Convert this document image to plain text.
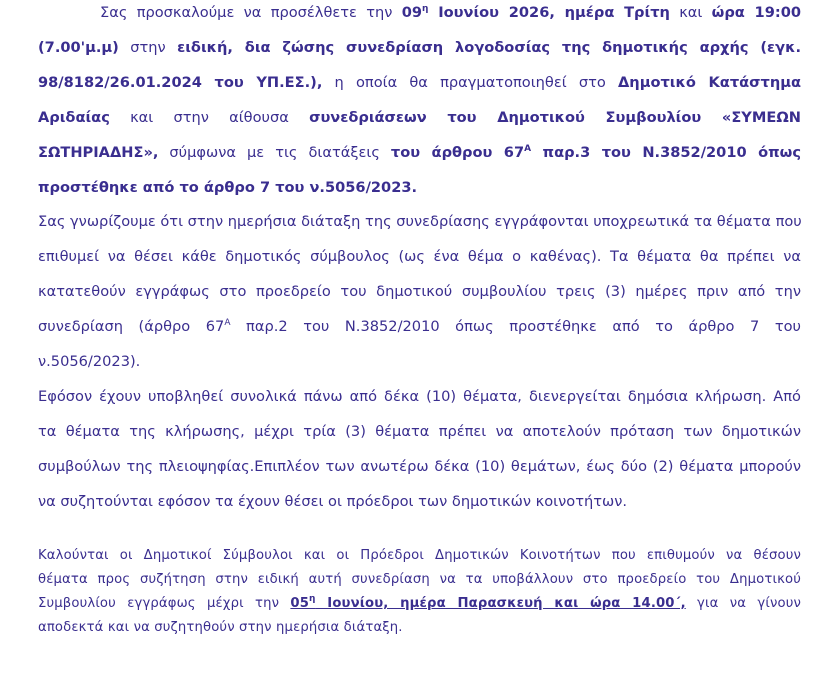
Σας προσκαλούμε να προσέλθετε την $09^\eta$ Ιουνίου 2026, ημέρα Τρίτη και ώρα 19:00
(7.00'μ.μ) στην ειδική, δια ζώσης συνεδρίαση λογοδοσίας της δημοτικής αρχής (εγκ.
98/8182/26.01.2024 του ΥΠ.ΕΣ.), η οποία θα πραγματοποιηθεί στο Δημοτικό Κατάστημα
Αριδαίας και στην αίθουσα συνεδριάσεων του Δημοτικού Συμβουλίου «ΣΥΜΕΩΝ
ΣΩΤΗΡΙΑΔΗΣ», σύμφωνα με τις διατάξεις του άρθρου $67^A$ παρ.3 του Ν.3852/2010 όπως
προστέθηκε από το άρθρο 7 του ν.5056/2023.
Σας γνωρίζουμε ότι στην ημερήσια διάταξη της συνεδρίασης εγγράφονται υποχρεωτικά τα θέματα που
επιθυμεί να θέσει κάθε δημοτικός σύμβουλος (ως ένα θέμα ο καθένας). Τα θέματα θα πρέπει να
κατατεθούν εγγράφως στο προεδρείο του δημοτικού συμβουλίου τρεις (3) ημέρες πριν από την
συνεδρίαση (άρθρο $67^A$ παρ.2 του Ν.3852/2010 όπως προστέθηκε από το άρθρο 7 του
ν.5056/2023).
Εφόσον έχουν υποβληθεί συνολικά πάνω από δέκα (10) θέματα, διενεργείται δημόσια κλήρωση. Από
τα θέματα της κλήρωσης, μέχρι τρία (3) θέματα πρέπει να αποτελούν πρόταση των δημοτικών
συμβούλων της πλειοψηφίας.Επιπλέον των ανωτέρω δέκα (10) θεμάτων, έως δύο (2) θέματα μπορούν
να συζητούνται εφόσον τα έχουν θέσει οι πρόεδροι των δημοτικών κοινοτήτων.
Καλούνται οι Δημοτικοί Σύμβουλοι και οι Πρόεδροι Δημοτικών Κοινοτήτων που επιθυμούν να θέσουν
θέματα προς συζήτηση στην ειδική αυτή συνεδρίαση να τα υποβάλλουν στο προεδρείο του Δημοτικού
Συμβουλίου εγγράφως μέχρι την $05^\eta$ Ιουνίου, ημέρα Παρασκευή και ώρα 14.00΄, για να γίνουν
αποδεκτά και να συζητηθούν στην ημερήσια διάταξη.
